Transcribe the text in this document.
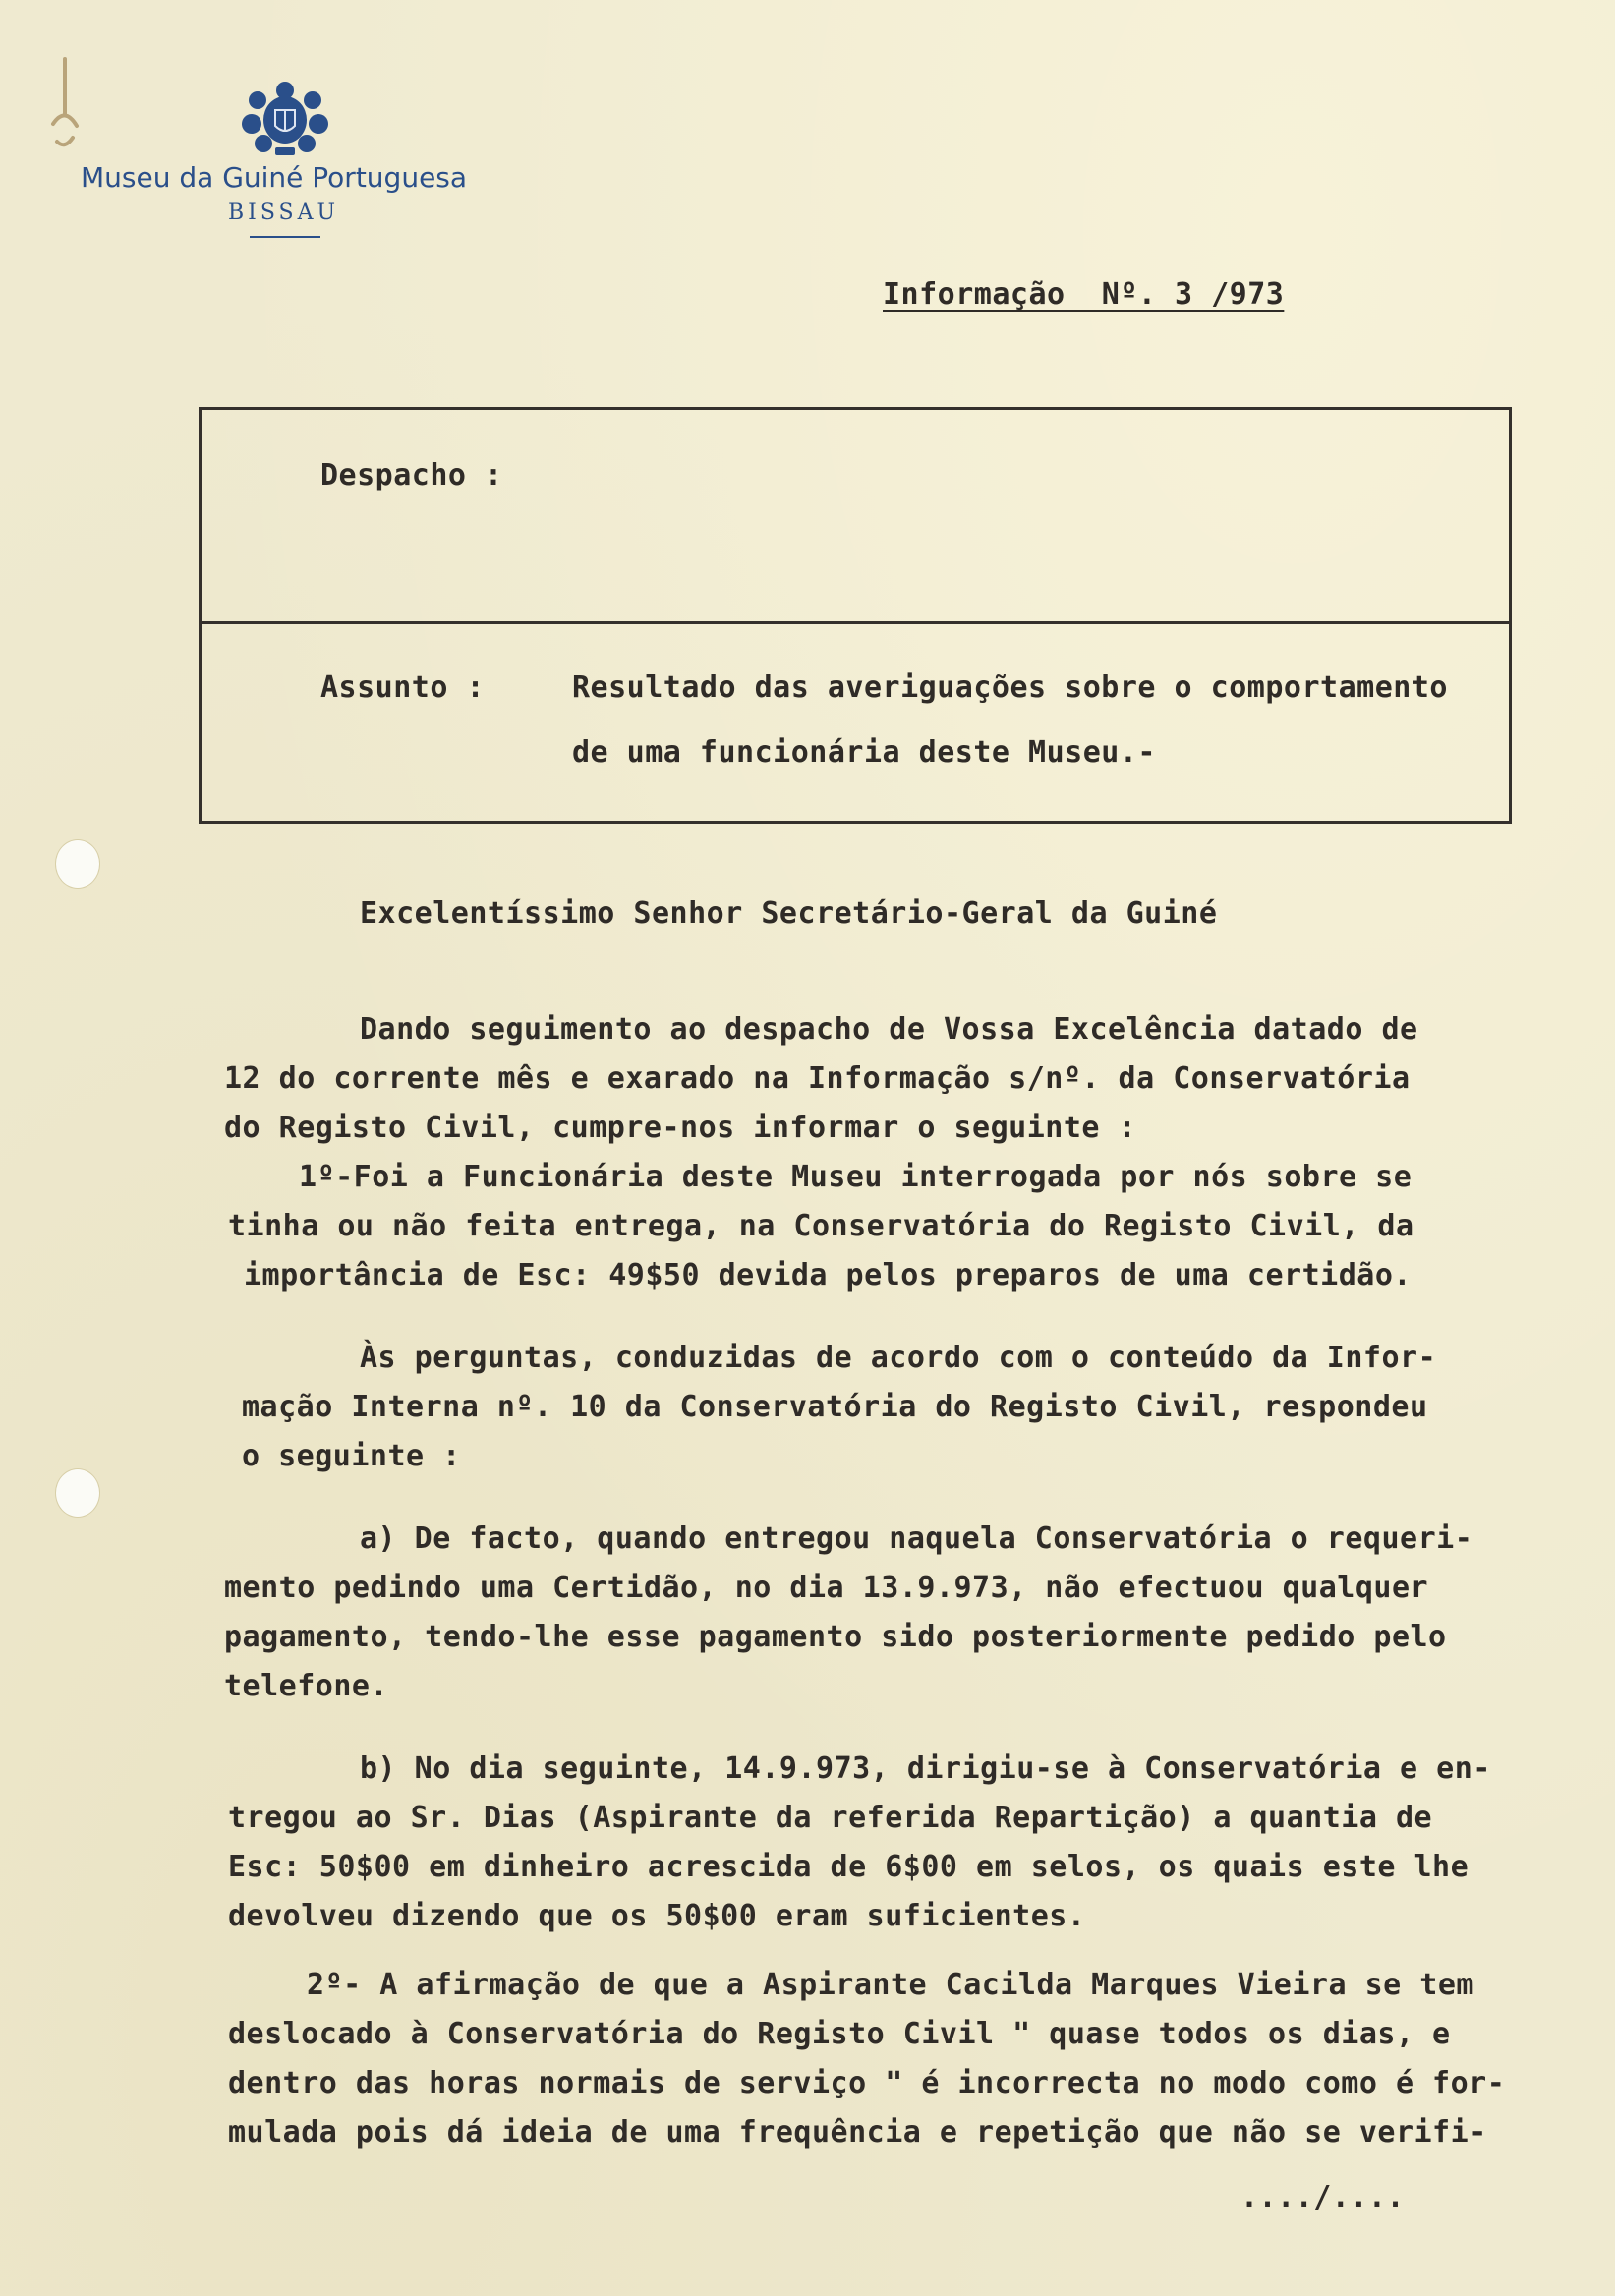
Museu da Guiné Portuguesa
BISSAU
Informação  Nº. 3 /973
Despacho :
Assunto :	Resultado das averiguações sobre o comportamento
de uma funcionária deste Museu.-
Excelentíssimo Senhor Secretário-Geral da Guiné
Dando seguimento ao despacho de Vossa Excelência datado de
12 do corrente mês e exarado na Informação s/nº. da Conservatória
do Registo Civil, cumpre-nos informar o seguinte :
1º-Foi a Funcionária deste Museu interrogada por nós sobre se
tinha ou não feita entrega, na Conservatória do Registo Civil, da
importância de Esc: 49$50 devida pelos preparos de uma certidão.
Às perguntas, conduzidas de acordo com o conteúdo da Infor-
mação Interna nº. 10 da Conservatória do Registo Civil, respondeu
o seguinte :
a) De facto, quando entregou naquela Conservatória o requeri-
mento pedindo uma Certidão, no dia 13.9.973, não efectuou qualquer
pagamento, tendo-lhe esse pagamento sido posteriormente pedido pelo
telefone.
b) No dia seguinte, 14.9.973, dirigiu-se à Conservatória e en-
tregou ao Sr. Dias (Aspirante da referida Repartição) a quantia de
Esc: 50$00 em dinheiro acrescida de 6$00 em selos, os quais este lhe
devolveu dizendo que os 50$00 eram suficientes.
2º- A afirmação de que a Aspirante Cacilda Marques Vieira se tem
deslocado à Conservatória do Registo Civil " quase todos os dias, e
dentro das horas normais de serviço " é incorrecta no modo como é for-
mulada pois dá ideia de uma frequência e repetição que não se verifi-
..../....
